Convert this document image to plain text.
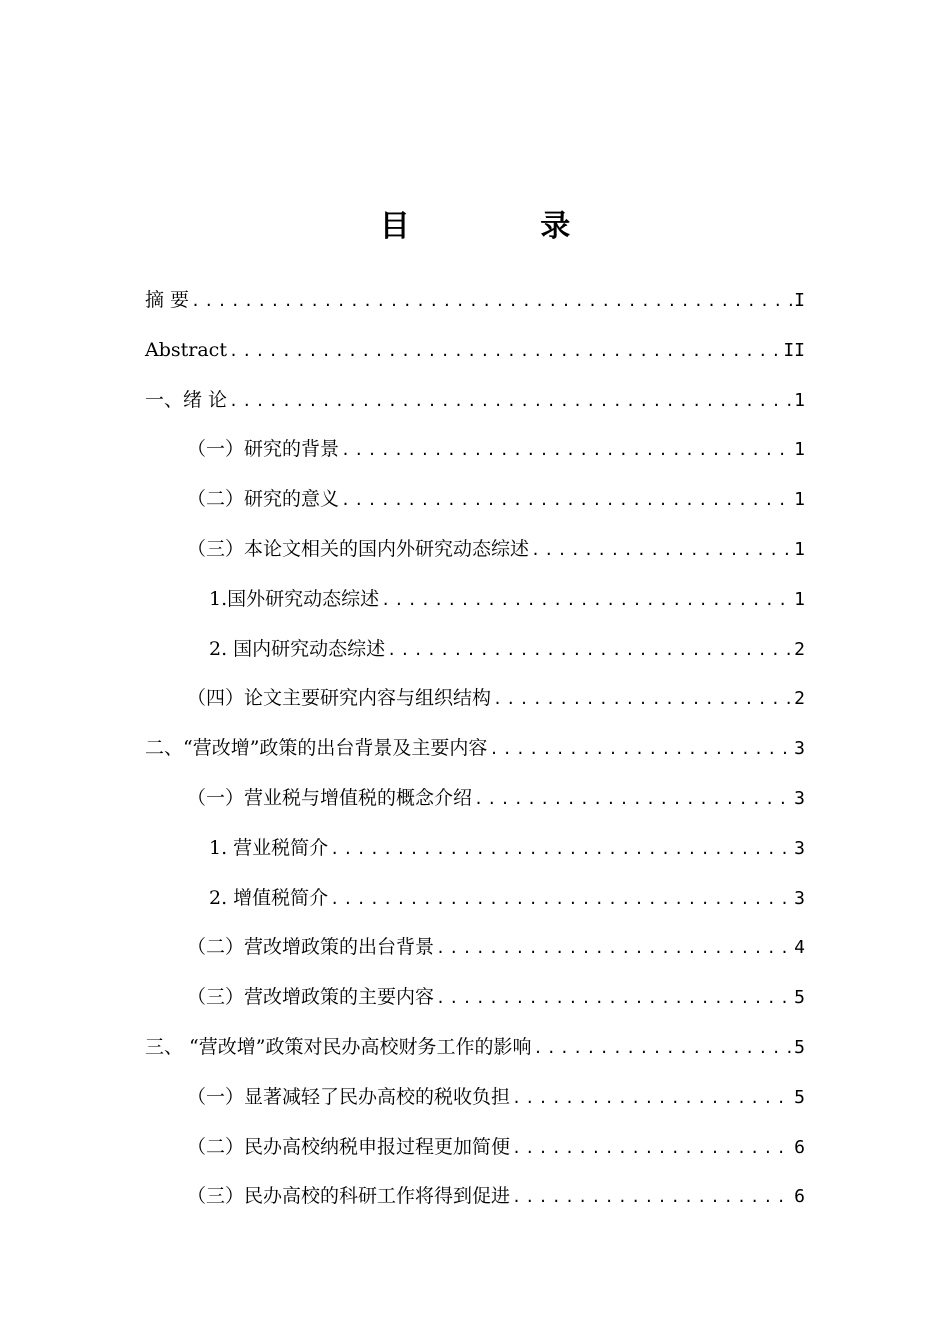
目 录
摘 要 .....	I
Abstract .....	II
一、绪 论 .....	1
（一）研究的背景 .....	1
（二）研究的意义 .....	1
（三）本论文相关的国内外研究动态综述 .....	1
1.国外研究动态综述 .....	1
2. 国内研究动态综述 .....	2
（四）论文主要研究内容与组织结构 .....	2
二、“营改增”政策的出台背景及主要内容 .....	3
（一）营业税与增值税的概念介绍 .....	3
1. 营业税简介 .....	3
2. 增值税简介 .....	3
（二）营改增政策的出台背景 .....	4
（三）营改增政策的主要内容 .....	5
三、 “营改增”政策对民办高校财务工作的影响 .....	5
（一）显著减轻了民办高校的税收负担 .....	5
（二）民办高校纳税申报过程更加简便 .....	6
（三）民办高校的科研工作将得到促进 .....	6
